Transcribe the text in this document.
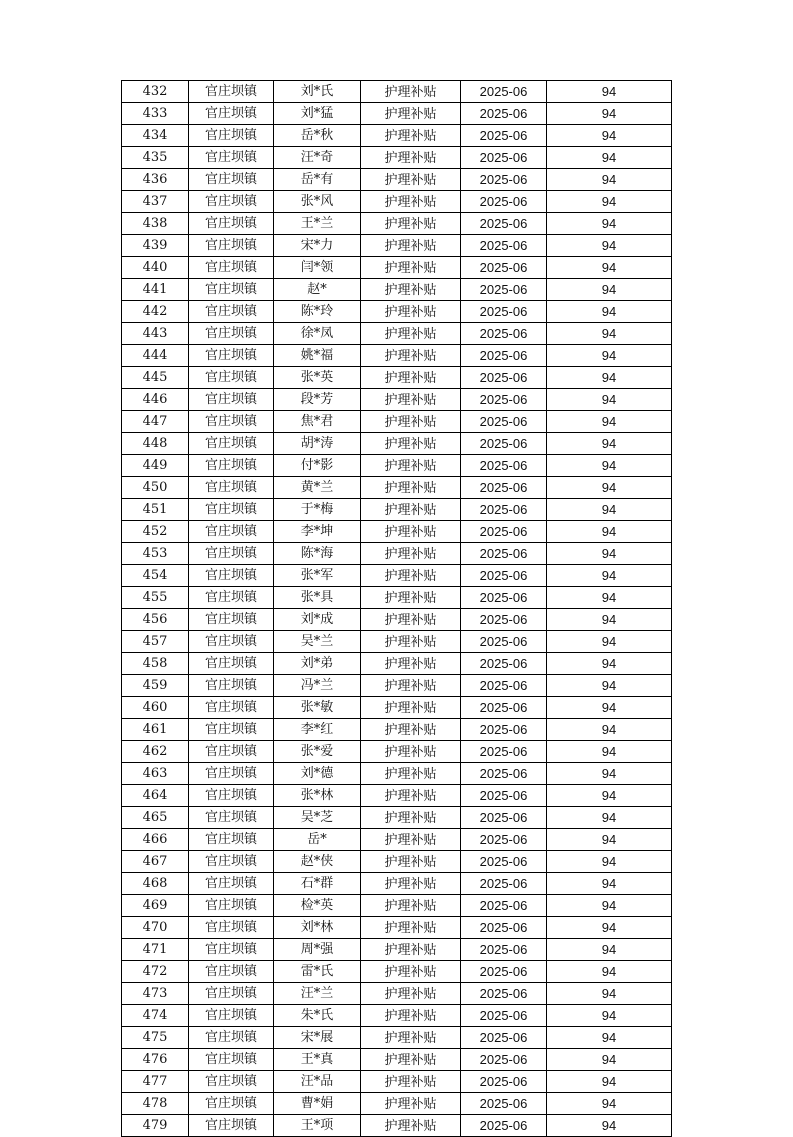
432	官庄坝镇	刘*氏	护理补贴	2025-06	94
433	官庄坝镇	刘*猛	护理补贴	2025-06	94
434	官庄坝镇	岳*秋	护理补贴	2025-06	94
435	官庄坝镇	汪*奇	护理补贴	2025-06	94
436	官庄坝镇	岳*有	护理补贴	2025-06	94
437	官庄坝镇	张*风	护理补贴	2025-06	94
438	官庄坝镇	王*兰	护理补贴	2025-06	94
439	官庄坝镇	宋*力	护理补贴	2025-06	94
440	官庄坝镇	闫*领	护理补贴	2025-06	94
441	官庄坝镇	赵*	护理补贴	2025-06	94
442	官庄坝镇	陈*玲	护理补贴	2025-06	94
443	官庄坝镇	徐*凤	护理补贴	2025-06	94
444	官庄坝镇	姚*福	护理补贴	2025-06	94
445	官庄坝镇	张*英	护理补贴	2025-06	94
446	官庄坝镇	段*芳	护理补贴	2025-06	94
447	官庄坝镇	焦*君	护理补贴	2025-06	94
448	官庄坝镇	胡*涛	护理补贴	2025-06	94
449	官庄坝镇	付*影	护理补贴	2025-06	94
450	官庄坝镇	黄*兰	护理补贴	2025-06	94
451	官庄坝镇	于*梅	护理补贴	2025-06	94
452	官庄坝镇	李*坤	护理补贴	2025-06	94
453	官庄坝镇	陈*海	护理补贴	2025-06	94
454	官庄坝镇	张*军	护理补贴	2025-06	94
455	官庄坝镇	张*具	护理补贴	2025-06	94
456	官庄坝镇	刘*成	护理补贴	2025-06	94
457	官庄坝镇	吴*兰	护理补贴	2025-06	94
458	官庄坝镇	刘*弟	护理补贴	2025-06	94
459	官庄坝镇	冯*兰	护理补贴	2025-06	94
460	官庄坝镇	张*敏	护理补贴	2025-06	94
461	官庄坝镇	李*红	护理补贴	2025-06	94
462	官庄坝镇	张*爱	护理补贴	2025-06	94
463	官庄坝镇	刘*德	护理补贴	2025-06	94
464	官庄坝镇	张*林	护理补贴	2025-06	94
465	官庄坝镇	吴*芝	护理补贴	2025-06	94
466	官庄坝镇	岳*	护理补贴	2025-06	94
467	官庄坝镇	赵*侠	护理补贴	2025-06	94
468	官庄坝镇	石*群	护理补贴	2025-06	94
469	官庄坝镇	检*英	护理补贴	2025-06	94
470	官庄坝镇	刘*林	护理补贴	2025-06	94
471	官庄坝镇	周*强	护理补贴	2025-06	94
472	官庄坝镇	雷*氏	护理补贴	2025-06	94
473	官庄坝镇	汪*兰	护理补贴	2025-06	94
474	官庄坝镇	朱*氏	护理补贴	2025-06	94
475	官庄坝镇	宋*展	护理补贴	2025-06	94
476	官庄坝镇	王*真	护理补贴	2025-06	94
477	官庄坝镇	汪*品	护理补贴	2025-06	94
478	官庄坝镇	曹*娟	护理补贴	2025-06	94
479	官庄坝镇	王*项	护理补贴	2025-06	94
